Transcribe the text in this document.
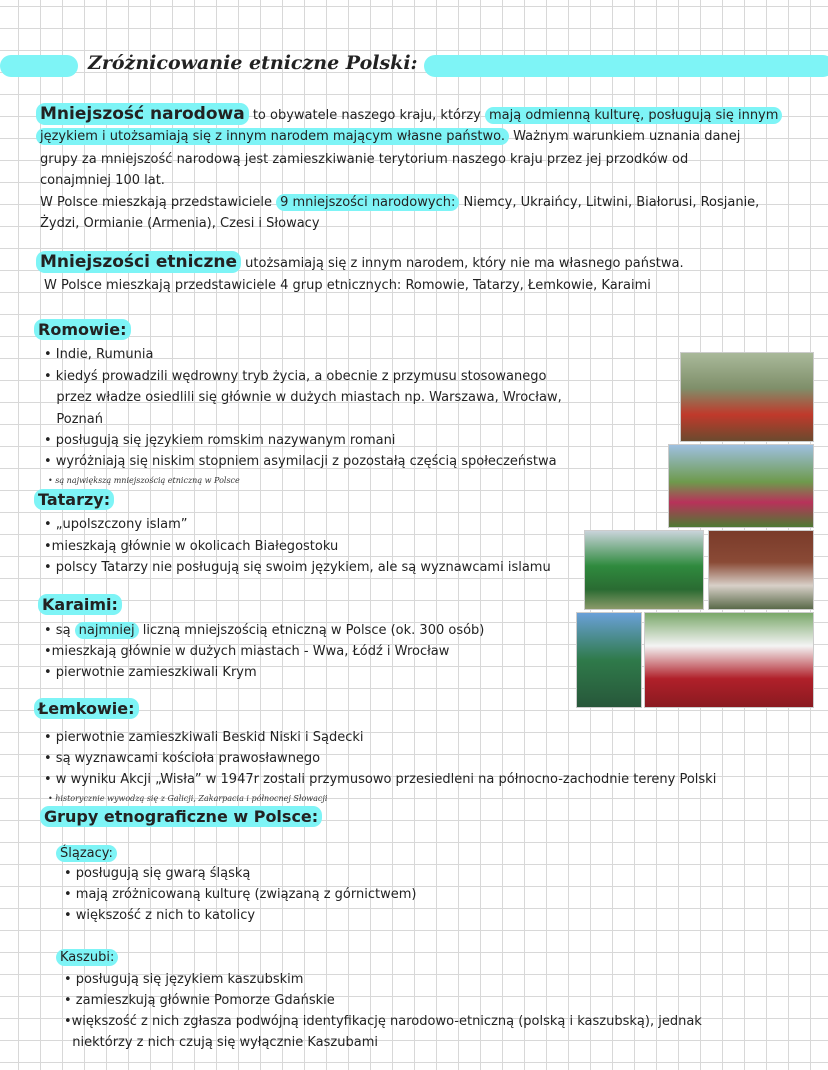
Zróżnicowanie etniczne Polski:
Mniejszość narodowa to obywatele naszego kraju, którzy mają odmienną kulturę, posługują się innym
językiem i utożsamiają się z innym narodem mającym własne państwo. Ważnym warunkiem uznania danej
grupy za mniejszość narodową jest zamieszkiwanie terytorium naszego kraju przez jej przodków od
conajmniej 100 lat.
W Polsce mieszkają przedstawiciele 9 mniejszości narodowych: Niemcy, Ukraińcy, Litwini, Białorusi, Rosjanie,
Żydzi, Ormianie (Armenia), Czesi i Słowacy
Mniejszości etniczne utożsamiają się z innym narodem, który nie ma własnego państwa.
W Polsce mieszkają przedstawiciele 4 grup etnicznych: Romowie, Tatarzy, Łemkowie, Karaimi
Romowie:
• Indie, Rumunia
• kiedyś prowadzili wędrowny tryb życia, a obecnie z przymusu stosowanego
przez władze osiedlili się głównie w dużych miastach np. Warszawa, Wrocław,
Poznań
• posługują się językiem romskim nazywanym romani
• wyróżniają się niskim stopniem asymilacji z pozostałą częścią społeczeństwa
• są największą mniejszością etniczną w Polsce
Tatarzy:
• „upolszczony islam”
•mieszkają głównie w okolicach Białegostoku
• polscy Tatarzy nie posługują się swoim językiem, ale są wyznawcami islamu
Karaimi:
• są najmniej liczną mniejszością etniczną w Polsce (ok. 300 osób)
•mieszkają głównie w dużych miastach - Wwa, Łódź i Wrocław
• pierwotnie zamieszkiwali Krym
Łemkowie:
• pierwotnie zamieszkiwali Beskid Niski i Sądecki
• są wyznawcami kościoła prawosławnego
• w wyniku Akcji „Wisła” w 1947r zostali przymusowo przesiedleni na północno-zachodnie tereny Polski
• historycznie wywodzą się z Galicji, Zakarpacia i północnej Słowacji
Grupy etnograficzne w Polsce:
Ślązacy:
• posługują się gwarą śląską
• mają zróżnicowaną kulturę (związaną z górnictwem)
• większość z nich to katolicy
Kaszubi:
• posługują się językiem kaszubskim
• zamieszkują głównie Pomorze Gdańskie
•większość z nich zgłasza podwójną identyfikację narodowo-etniczną (polską i kaszubską), jednak
niektórzy z nich czują się wyłącznie Kaszubami
